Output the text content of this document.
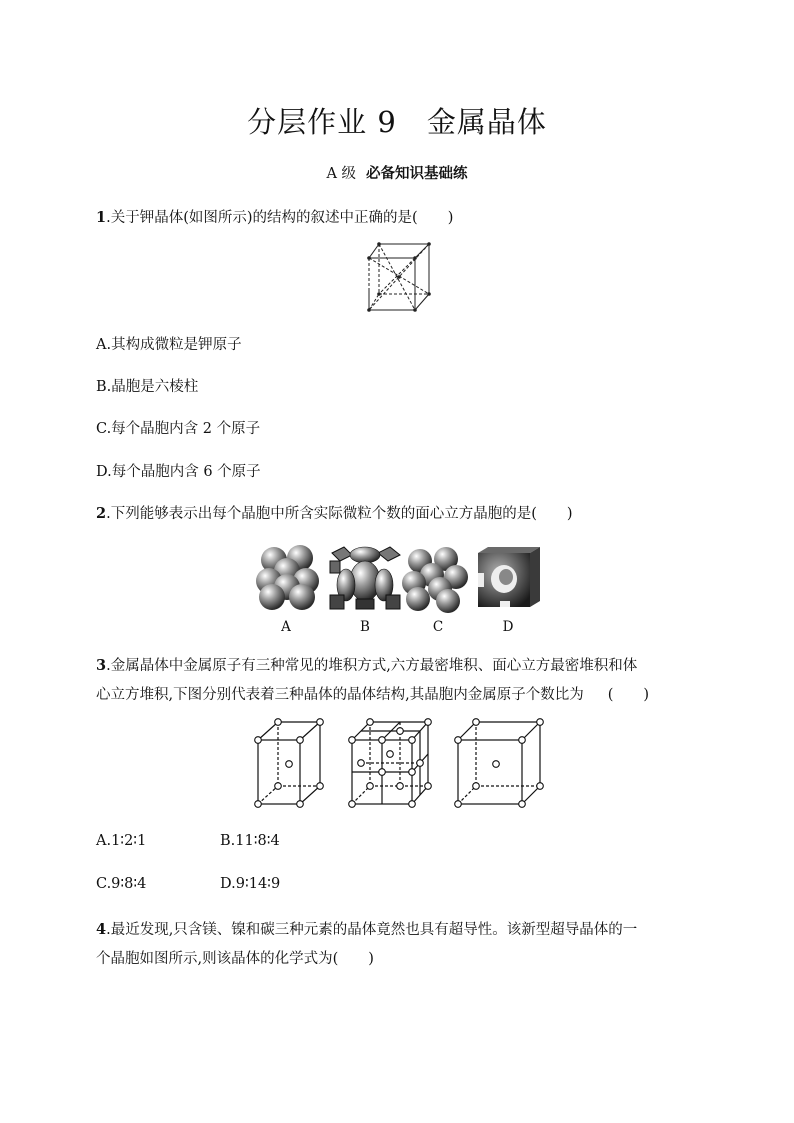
分层作业 9 金属晶体
A 级 必备知识基础练
1.关于钾晶体(如图所示)的结构的叙述中正确的是( )
A.其构成微粒是钾原子
B.晶胞是六棱柱
C.每个晶胞内含 2 个原子
D.每个晶胞内含 6 个原子
2.下列能够表示出每个晶胞中所含实际微粒个数的面心立方晶胞的是( )
A	B	C	D
3.金属晶体中金属原子有三种常见的堆积方式,六方最密堆积、面心立方最密堆积和体
心立方堆积,下图分别代表着三种晶体的晶体结构,其晶胞内金属原子个数比为 ( )
A.1∶2∶1	B.11∶8∶4
C.9∶8∶4	D.9∶14∶9
4.最近发现,只含镁、镍和碳三种元素的晶体竟然也具有超导性。该新型超导晶体的一
个晶胞如图所示,则该晶体的化学式为( )
